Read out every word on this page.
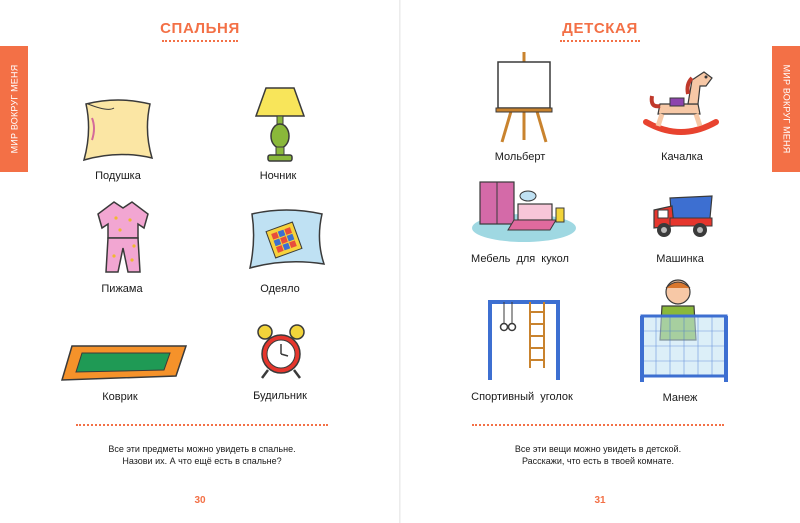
МИР ВОКРУГ МЕНЯ
СПАЛЬНЯ
Подушка	Ночник
Пижама	Одеяло
Коврик	Будильник
Все эти предметы можно увидеть в спальне.
Назови их. А что ещё есть в спальне?
30
МИР ВОКРУГ МЕНЯ
ДЕТСКАЯ
Мольберт	Качалка
Мебель для кукол	Машинка
Спортивный уголок	Манеж
Все эти вещи можно увидеть в детской.
Расскажи, что есть в твоей комнате.
31
